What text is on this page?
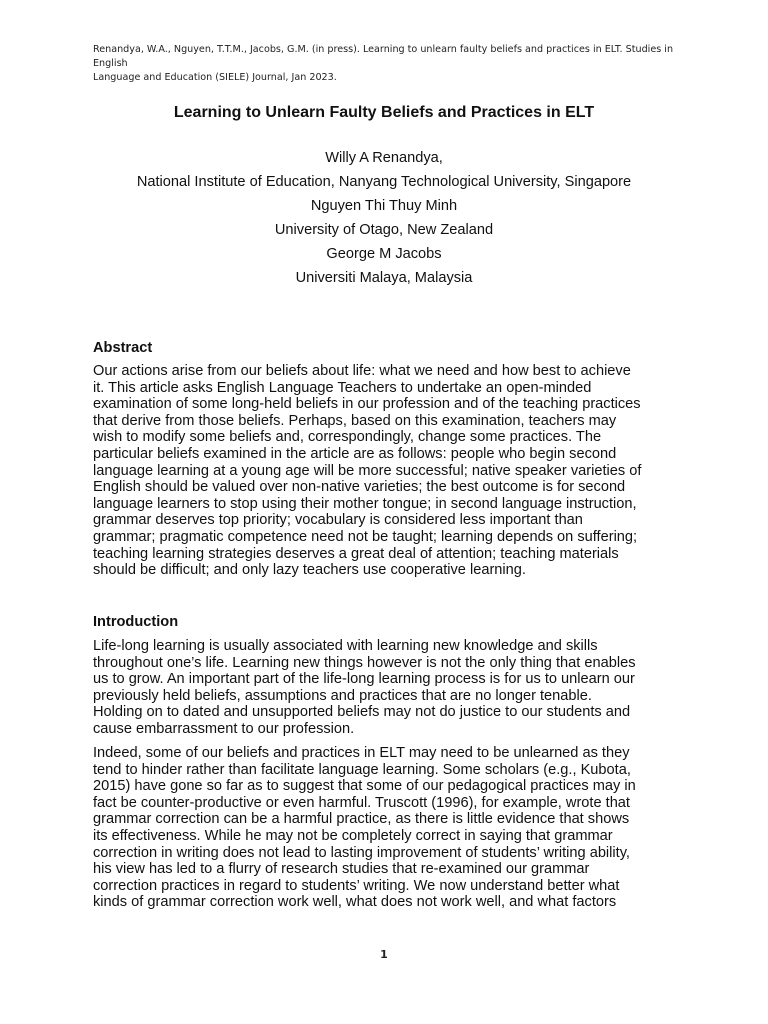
Renandya, W.A., Nguyen, T.T.M., Jacobs, G.M. (in press). Learning to unlearn faulty beliefs and practices in ELT. Studies in English
Language and Education (SIELE) Journal, Jan 2023.
Learning to Unlearn Faulty Beliefs and Practices in ELT
Willy A Renandya,
National Institute of Education, Nanyang Technological University, Singapore
Nguyen Thi Thuy Minh
University of Otago, New Zealand
George M Jacobs
Universiti Malaya, Malaysia
Abstract
Our actions arise from our beliefs about life: what we need and how best to achieve
it. This article asks English Language Teachers to undertake an open-minded
examination of some long-held beliefs in our profession and of the teaching practices
that derive from those beliefs. Perhaps, based on this examination, teachers may
wish to modify some beliefs and, correspondingly, change some practices. The
particular beliefs examined in the article are as follows: people who begin second
language learning at a young age will be more successful; native speaker varieties of
English should be valued over non-native varieties; the best outcome is for second
language learners to stop using their mother tongue; in second language instruction,
grammar deserves top priority; vocabulary is considered less important than
grammar; pragmatic competence need not be taught; learning depends on suffering;
teaching learning strategies deserves a great deal of attention; teaching materials
should be difficult; and only lazy teachers use cooperative learning.
Introduction
Life-long learning is usually associated with learning new knowledge and skills
throughout one’s life. Learning new things however is not the only thing that enables
us to grow. An important part of the life-long learning process is for us to unlearn our
previously held beliefs, assumptions and practices that are no longer tenable.
Holding on to dated and unsupported beliefs may not do justice to our students and
cause embarrassment to our profession.
Indeed, some of our beliefs and practices in ELT may need to be unlearned as they
tend to hinder rather than facilitate language learning. Some scholars (e.g., Kubota,
2015) have gone so far as to suggest that some of our pedagogical practices may in
fact be counter-productive or even harmful. Truscott (1996), for example, wrote that
grammar correction can be a harmful practice, as there is little evidence that shows
its effectiveness. While he may not be completely correct in saying that grammar
correction in writing does not lead to lasting improvement of students’ writing ability,
his view has led to a flurry of research studies that re-examined our grammar
correction practices in regard to students’ writing. We now understand better what
kinds of grammar correction work well, what does not work well, and what factors
1
